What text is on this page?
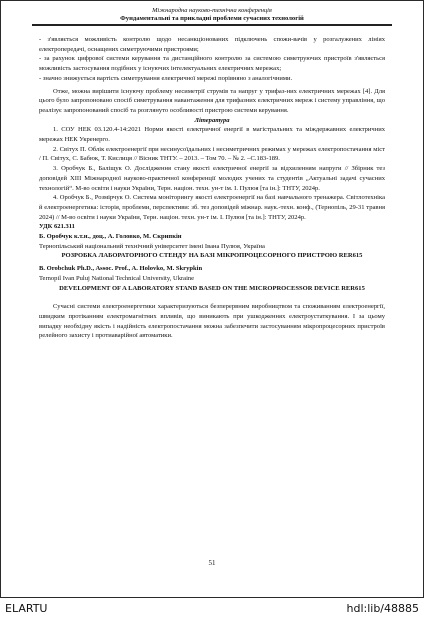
Міжнародна науково-технічна конференція
Фундаментальні та прикладні проблеми сучасних технологій

- з'являється можливість контролю щодо несанкціонованих підключень спожи-вачів у розгалужених лініях електропередачі, оснащених симетруючими пристроями;

- за рахунок цифрової системи керування та дистанційного контролю за системою симетруючих пристроїв з'являється можливість застосування подібних у існуючих інтелектуальних електричних мережах;

- значно знижується вартість симетрування електричної мережі порівняно з аналогічними.

Отже, можна вирішити існуючу проблему несиметрії струмів та напруг у трифаз-них електричних мережах [4]. Для цього було запропоновано спосіб симетрування навантаження для трифазних електричних мереж і систему управління, що реалізує запропонований спосіб та розглянуто особливості пристрою системи керування.

Література

1. СОУ НЕК 03.120.4-14:2021 Норми якості електричної енергії в магістральних та міждержавних електричних мережах НЕК Укренерго.

2. Світух П. Облік електроенергії при несинусоїдальних і несиметричних режимах у мережах електропостачання міст / П. Світух, С. Бабюк, Т. Кислиця // Вісник ТНТУ. – 2013. – Том 70. – № 2. –С.183-189.

3. Оробчук Б., Баліщук О. Дослідження стану якості електричної енергії за відхиленням напруги // Збірник тез доповідей XIII Міжнародної науково-практичної конференції молодих учених та студентів „Актуальні задачі сучасних технологій“. М-во освіти і науки України, Терн. націон. техн. ун-т ім. І. Пулюя [та ін.]: ТНТУ, 2024р.

4. Оробчук Б., Розмірчук О. Система моніторингу якості електроенергії на базі навчального тренажера. Світлотехніка й електроенергетика: історія, проблеми, перспективи: зб. тез доповідей міжнар. наук.-техн. конф., (Тернопіль, 29-31 травня 2024) // М-во освіти і науки України, Терн. націон. техн. ун-т ім. І. Пулюя [та ін.]: ТНТУ, 2024р.

УДК 621.311

Б. Оробчук к.т.н., доц., А. Головко, М. Скрипкін

Тернопільський національний технічний університет імені Івана Пулюя, Україна

РОЗРОБКА ЛАБОРАТОРНОГО СТЕНДУ НА БАЗІ МІКРОПРОЦЕСОРНОГО ПРИСТРОЮ RER615

B. Orobchuk Ph.D., Assoc. Prof., A. Holovko, M. Skrypkin

Ternopil Ivan Puluj National Technical University, Ukraine

DEVELOPMENT OF A LABORATORY STAND BASED ON THE MICROPROCESSOR DEVICE RER615

Сучасні системи електроенергетики характеризуються безперервним виробництвом та споживанням електроенергії, швидким протіканням електромагнітних впливів, що виникають при ушкодженнях електроустаткування. І за цьому випадку необхідну якість і надійність електропостачання можна забезпечити застосуванням мікропроцесорних пристроїв релейного захисту і протиаварійної автоматики.

51
ELARTU	hdl:lib/48885
